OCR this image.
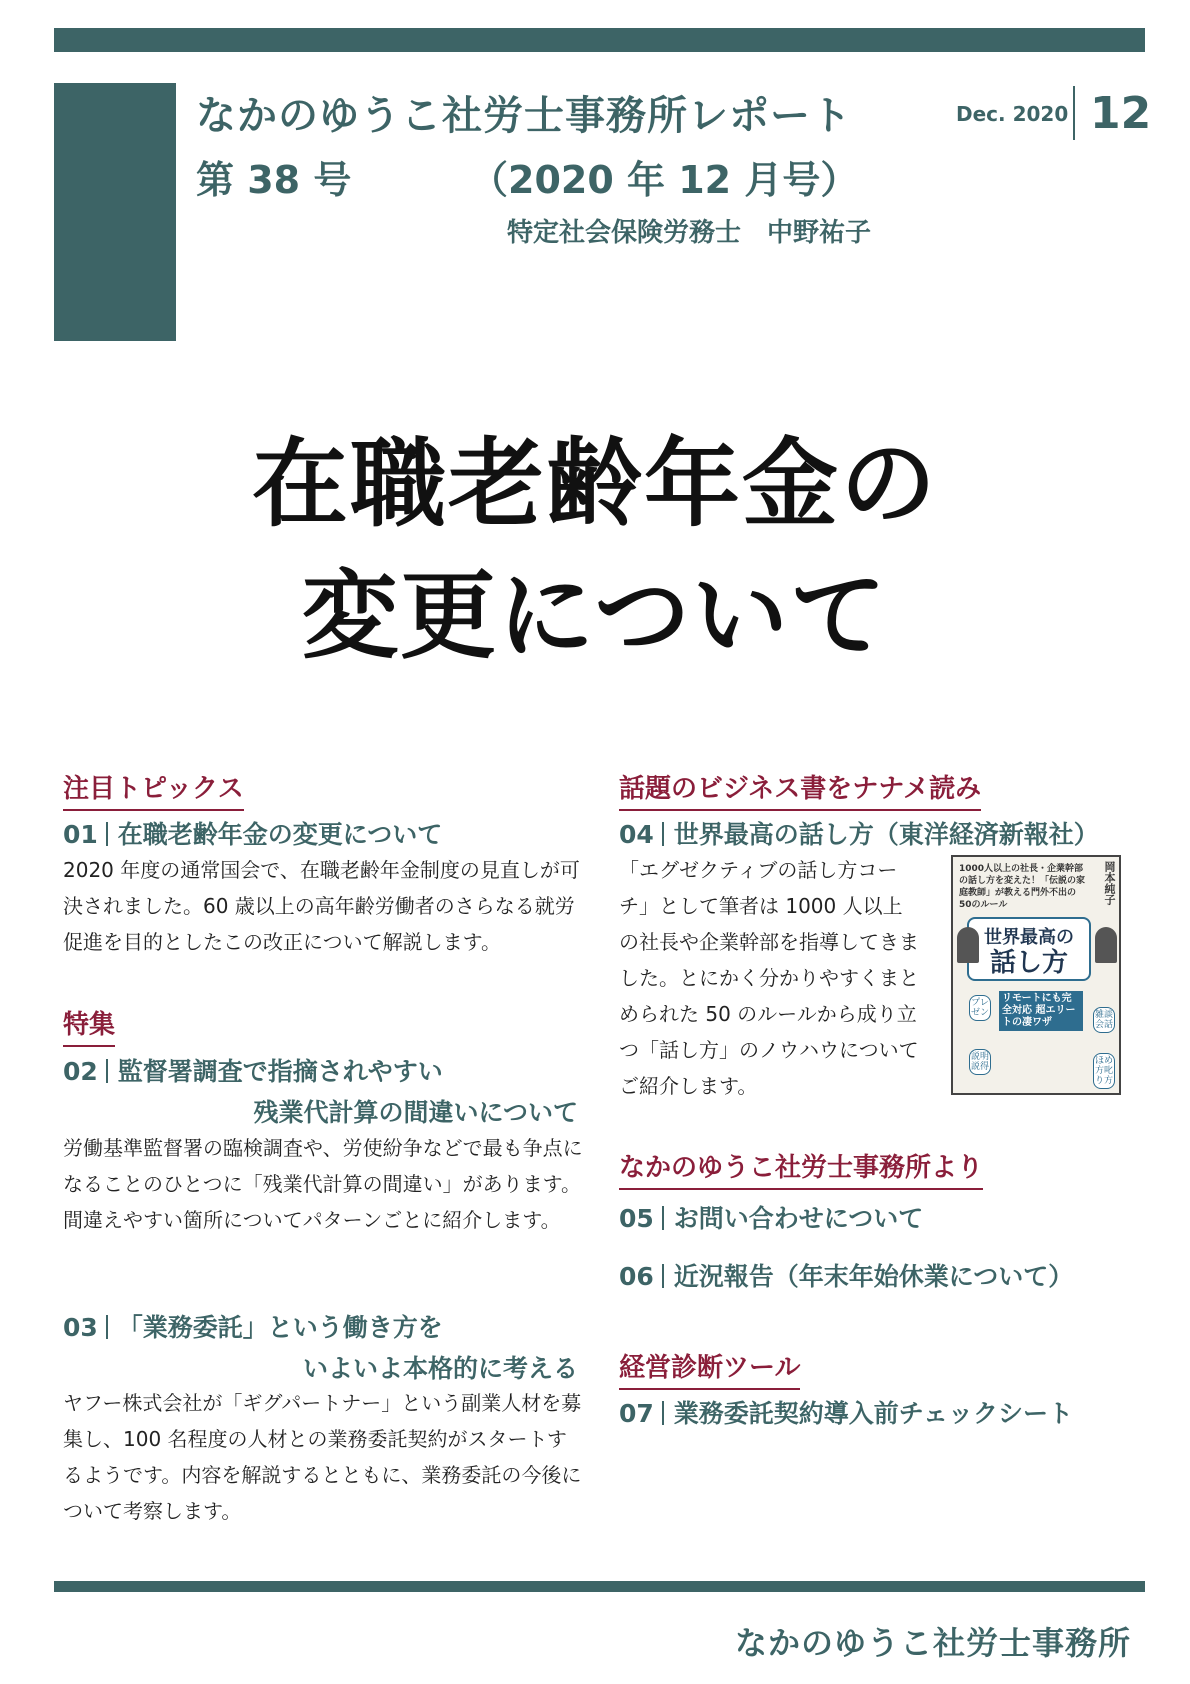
なかのゆうこ社労士事務所レポート
第 38 号	（2020 年 12 月号）
特定社会保険労務士　中野祐子
Dec. 2020 12
在職老齢年金の
変更について
注目トピックス
01 在職老齢年金の変更について
2020 年度の通常国会で、在職老齢年金制度の見直しが可決されました。60 歳以上の高年齢労働者のさらなる就労促進を目的としたこの改正について解説します。
特集
02 監督署調査で指摘されやすい
残業代計算の間違いについて
労働基準監督署の臨検調査や、労使紛争などで最も争点になることのひとつに「残業代計算の間違い」があります。間違えやすい箇所についてパターンごとに紹介します。
03 「業務委託」という働き方を
いよいよ本格的に考える
ヤフー株式会社が「ギグパートナー」という副業人材を募集し、100 名程度の人材との業務委託契約がスタートするようです。内容を解説するとともに、業務委託の今後について考察します。
話題のビジネス書をナナメ読み
04 世界最高の話し方（東洋経済新報社）
「エグゼクティブの話し方コーチ」として筆者は 1000 人以上の社長や企業幹部を指導してきました。とにかく分かりやすくまとめられた 50 のルールから成り立つ「話し方」のノウハウについてご紹介します。
1000人以上の社長・企業幹部の話し方を変えた！「伝説の家庭教師」が教える門外不出の50のルール	岡本純子
世界最高の
話し方
リモートにも完全対応 超エリートの凄ワザ
プレゼン	雑談会話
説明説得
ほめ方叱り方
なかのゆうこ社労士事務所より
05 お問い合わせについて
06 近況報告（年末年始休業について）
経営診断ツール
07 業務委託契約導入前チェックシート
なかのゆうこ社労士事務所
